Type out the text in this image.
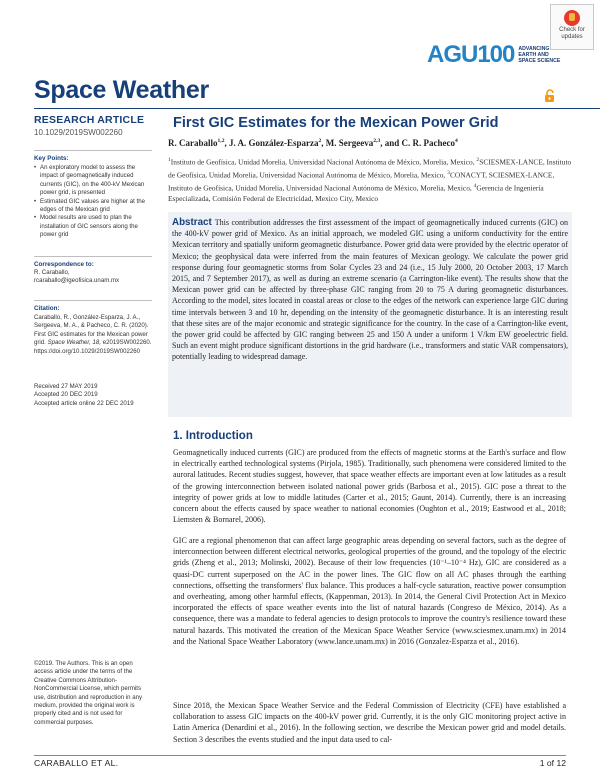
Check for updates
AGU100 ADVANCING EARTH AND SPACE SCIENCE
Space Weather
RESEARCH ARTICLE
10.1029/2019SW002260
Key Points:
• An exploratory model to assess the impact of geomagnetically induced currents (GIC), on the 400-kV Mexican power grid, is presented
• Estimated GIC values are higher at the edges of the Mexican grid
• Model results are used to plan the installation of GIC sensors along the power grid
Correspondence to:
R. Caraballo,
rcaraballo@igeofisica.unam.mx
Citation:
Caraballo, R., González-Esparza, J. A., Sergeeva, M. A., & Pacheco, C. R. (2020). First GIC estimates for the Mexican power grid. Space Weather, 18, e2019SW002260. https://doi.org/10.1029/2019SW002260
Received 27 MAY 2019
Accepted 20 DEC 2019
Accepted article online 22 DEC 2019
©2019. The Authors. This is an open access article under the terms of the Creative Commons Attribution-NonCommercial License, which permits use, distribution and reproduction in any medium, provided the original work is properly cited and is not used for commercial purposes.
First GIC Estimates for the Mexican Power Grid
R. Caraballo$^{1,2}$, J. A. González-Esparza$^2$, M. Sergeeva$^{2,3}$, and C. R. Pacheco$^4$
$^1$Instituto de Geofísica, Unidad Morelia, Universidad Nacional Autónoma de México, Morelia, Mexico, $^2$SCIESMEX-LANCE, Instituto de Geofísica, Unidad Morelia, Universidad Nacional Autónoma de México, Morelia, Mexico, $^3$CONACYT, SCIESMEX-LANCE, Instituto de Geofísica, Unidad Morelia, Universidad Nacional Autónoma de México, Morelia, Mexico, $^4$Gerencia de Ingeniería Especializada, Comisión Federal de Electricidad, Mexico City, Mexico
Abstract This contribution addresses the first assessment of the impact of geomagnetically induced currents (GIC) on the 400-kV power grid of Mexico. As an initial approach, we modeled GIC using a uniform conductivity for the entire Mexican territory and spatially uniform geomagnetic disturbance. Power grid data were provided by the electric operator of Mexico; the geophysical data were inferred from the main features of Mexican geology. We calculate the power grid response during four geomagnetic storms from Solar Cycles 23 and 24 (i.e., 15 July 2000, 20 October 2003, 17 March 2015, and 7 September 2017), as well as during an extreme scenario (a Carrington-like event). The results show that the Mexican power grid can be affected by three-phase GIC ranging from 20 to 75 A during geomagnetic disturbances. According to the model, sites located in coastal areas or close to the edges of the network can experience large GIC during time intervals between 3 and 10 hr, depending on the intensity of the geomagnetic disturbance. It is an interesting result that these sites are of the major economic and strategic significance for the country. In the case of a Carrington-like event, the power grid could be affected by GIC ranging between 25 and 150 A under a uniform 1 V/km EW geoelectric field. Such an event might produce significant distortions in the grid hardware (i.e., transformers and static VAR compensators), potentially leading to widespread damage.
1. Introduction
Geomagnetically induced currents (GIC) are produced from the effects of magnetic storms at the Earth's surface and flow in electrically earthed technological systems (Pirjola, 1985). Traditionally, such phenomena were considered limited to the auroral latitudes. Recent studies suggest, however, that space weather effects are important even at low latitudes as a result of the growing interconnection between isolated national power grids (Barbosa et al., 2015). GIC pose a threat to the integrity of power grids at low to middle latitudes (Carter et al., 2015; Gaunt, 2014). Currently, there is an increasing concern about the effects caused by space weather to national economies (Oughton et al., 2019; Eastwood et al., 2018; Liemsten & Bornarel, 2006).
GIC are a regional phenomenon that can affect large geographic areas depending on several factors, such as the degree of interconnection between different electrical networks, geological properties of the ground, and the topology of the electric grids (Zheng et al., 2013; Molinski, 2002). Because of their low frequencies (10⁻¹–10⁻⁴ Hz), GIC are considered as a quasi-DC current superposed on the AC in the power lines. The GIC flow on all AC phases through the earthing connections, offsetting the transformers' flux balance. This produces a half-cycle saturation, reactive power consumption and overheating, among other harmful effects, (Kappenman, 2013). In 2014, the General Civil Protection Act in Mexico incorporated the effects of space weather events into the list of natural hazards (Congreso de México, 2014). As a consequence, there was a mandate to federal agencies to design protocols to improve the country's resilience toward these natural hazards. This motivated the creation of the Mexican Space Weather Service (www.sciesmex.unam.mx) in 2014 and the National Space Weather Laboratory (www.lance.unam.mx) in 2016 (Gonzalez-Esparza et al., 2016).
Since 2018, the Mexican Space Weather Service and the Federal Commission of Electricity (CFE) have established a collaboration to assess GIC impacts on the 400-kV power grid. Currently, it is the only GIC monitoring project active in Latin America (Denardini et al., 2016). In the following section, we describe the Mexican power grid and model details. Section 3 describes the events studied and the input data used to cal-
CARABALLO ET AL.	1 of 12
